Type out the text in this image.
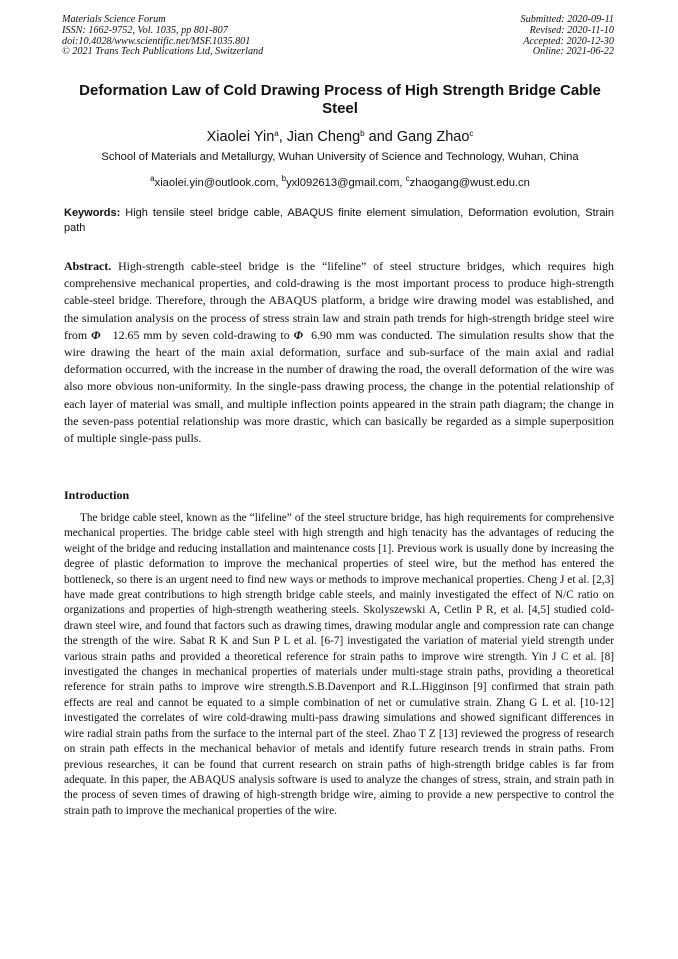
Materials Science Forum
ISSN: 1662-9752, Vol. 1035, pp 801-807
doi:10.4028/www.scientific.net/MSF.1035.801
© 2021 Trans Tech Publications Ltd, Switzerland
Submitted: 2020-09-11
Revised: 2020-11-10
Accepted: 2020-12-30
Online: 2021-06-22
Deformation Law of Cold Drawing Process of High Strength Bridge Cable Steel
Xiaolei Yin$^a$, Jian Cheng$^b$ and Gang Zhao$^c$
School of Materials and Metallurgy, Wuhan University of Science and Technology, Wuhan, China
$^a$xiaolei.yin@outlook.com, $^b$yxl092613@gmail.com, $^c$zhaogang@wust.edu.cn
Keywords: High tensile steel bridge cable, ABAQUS finite element simulation, Deformation evolution, Strain path
Abstract. High-strength cable-steel bridge is the “lifeline” of steel structure bridges, which requires high comprehensive mechanical properties, and cold-drawing is the most important process to produce high-strength cable-steel bridge. Therefore, through the ABAQUS platform, a bridge wire drawing model was established, and the simulation analysis on the process of stress strain law and strain path trends for high-strength bridge steel wire from Φ 12.65 mm by seven cold-drawing to Φ 6.90 mm was conducted. The simulation results show that the wire drawing the heart of the main axial deformation, surface and sub-surface of the main axial and radial deformation occurred, with the increase in the number of drawing the road, the overall deformation of the wire was also more obvious non-uniformity. In the single-pass drawing process, the change in the potential relationship of each layer of material was small, and multiple inflection points appeared in the strain path diagram; the change in the seven-pass potential relationship was more drastic, which can basically be regarded as a simple superposition of multiple single-pass pulls.
Introduction
The bridge cable steel, known as the “lifeline” of the steel structure bridge, has high requirements for comprehensive mechanical properties. The bridge cable steel with high strength and high tenacity has the advantages of reducing the weight of the bridge and reducing installation and maintenance costs [1]. Previous work is usually done by increasing the degree of plastic deformation to improve the mechanical properties of steel wire, but the method has entered the bottleneck, so there is an urgent need to find new ways or methods to improve mechanical properties. Cheng J et al. [2,3] have made great contributions to high strength bridge cable steels, and mainly investigated the effect of N/C ratio on organizations and properties of high-strength weathering steels. Skolyszewski A, Cetlin P R, et al. [4,5] studied cold-drawn steel wire, and found that factors such as drawing times, drawing modular angle and compression rate can change the strength of the wire. Sabat R K and Sun P L et al. [6-7] investigated the variation of material yield strength under various strain paths and provided a theoretical reference for strain paths to improve wire strength. Yin J C et al. [8] investigated the changes in mechanical properties of materials under multi-stage strain paths, providing a theoretical reference for strain paths to improve wire strength.S.B.Davenport and R.L.Higginson [9] confirmed that strain path effects are real and cannot be equated to a simple combination of net or cumulative strain. Zhang G L et al. [10-12] investigated the correlates of wire cold-drawing multi-pass drawing simulations and showed significant differences in wire radial strain paths from the surface to the internal part of the steel. Zhao T Z [13] reviewed the progress of research on strain path effects in the mechanical behavior of metals and identify future research trends in strain paths. From previous researches, it can be found that current research on strain paths of high-strength bridge cables is far from adequate. In this paper, the ABAQUS analysis software is used to analyze the changes of stress, strain, and strain path in the process of seven times of drawing of high-strength bridge wire, aiming to provide a new perspective to control the strain path to improve the mechanical properties of the wire.
